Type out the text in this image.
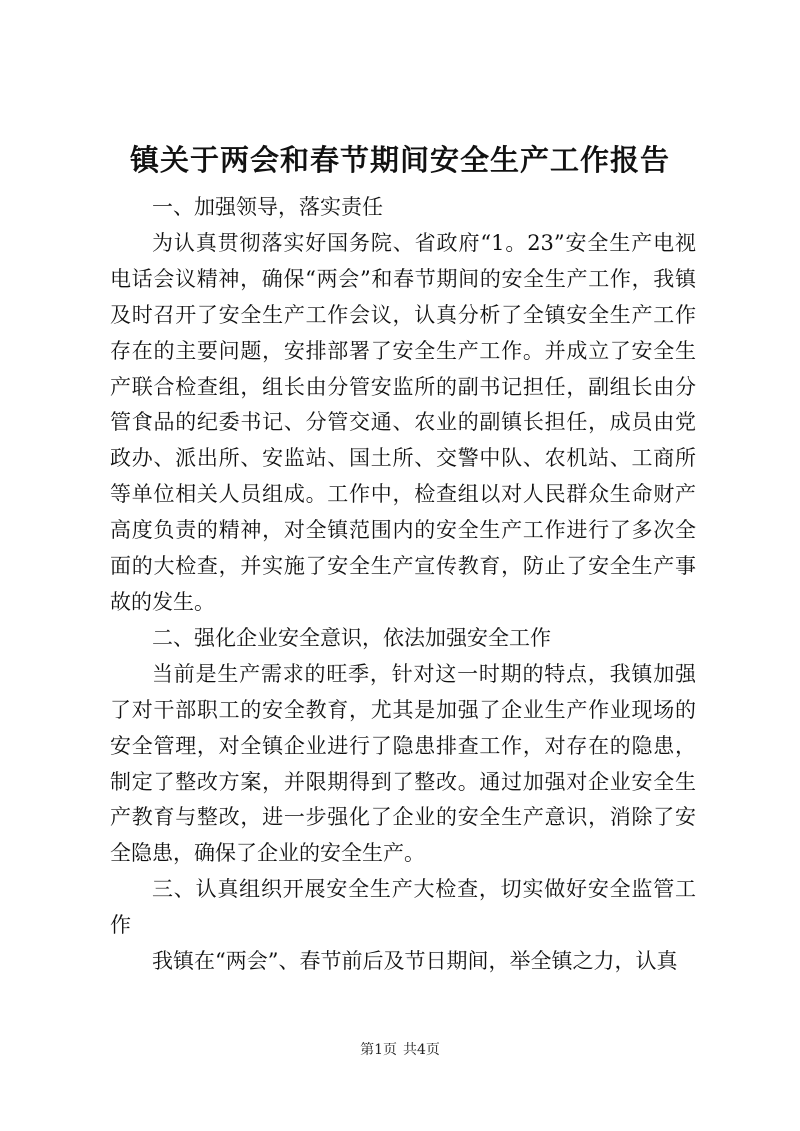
镇关于两会和春节期间安全生产工作报告

一、加强领导，落实责任

为认真贯彻落实好国务院、省政府“1。23”安全生产电视电话会议精神，确保“两会”和春节期间的安全生产工作，我镇及时召开了安全生产工作会议，认真分析了全镇安全生产工作存在的主要问题，安排部署了安全生产工作。并成立了安全生产联合检查组，组长由分管安监所的副书记担任，副组长由分管食品的纪委书记、分管交通、农业的副镇长担任，成员由党政办、派出所、安监站、国土所、交警中队、农机站、工商所等单位相关人员组成。工作中，检查组以对人民群众生命财产高度负责的精神，对全镇范围内的安全生产工作进行了多次全面的大检查，并实施了安全生产宣传教育，防止了安全生产事故的发生。

二、强化企业安全意识，依法加强安全工作

当前是生产需求的旺季，针对这一时期的特点，我镇加强了对干部职工的安全教育，尤其是加强了企业生产作业现场的安全管理，对全镇企业进行了隐患排查工作，对存在的隐患，制定了整改方案，并限期得到了整改。通过加强对企业安全生产教育与整改，进一步强化了企业的安全生产意识，消除了安全隐患，确保了企业的安全生产。

三、认真组织开展安全生产大检查，切实做好安全监管工作

我镇在“两会”、春节前后及节日期间，举全镇之力，认真

第1页 共4页
